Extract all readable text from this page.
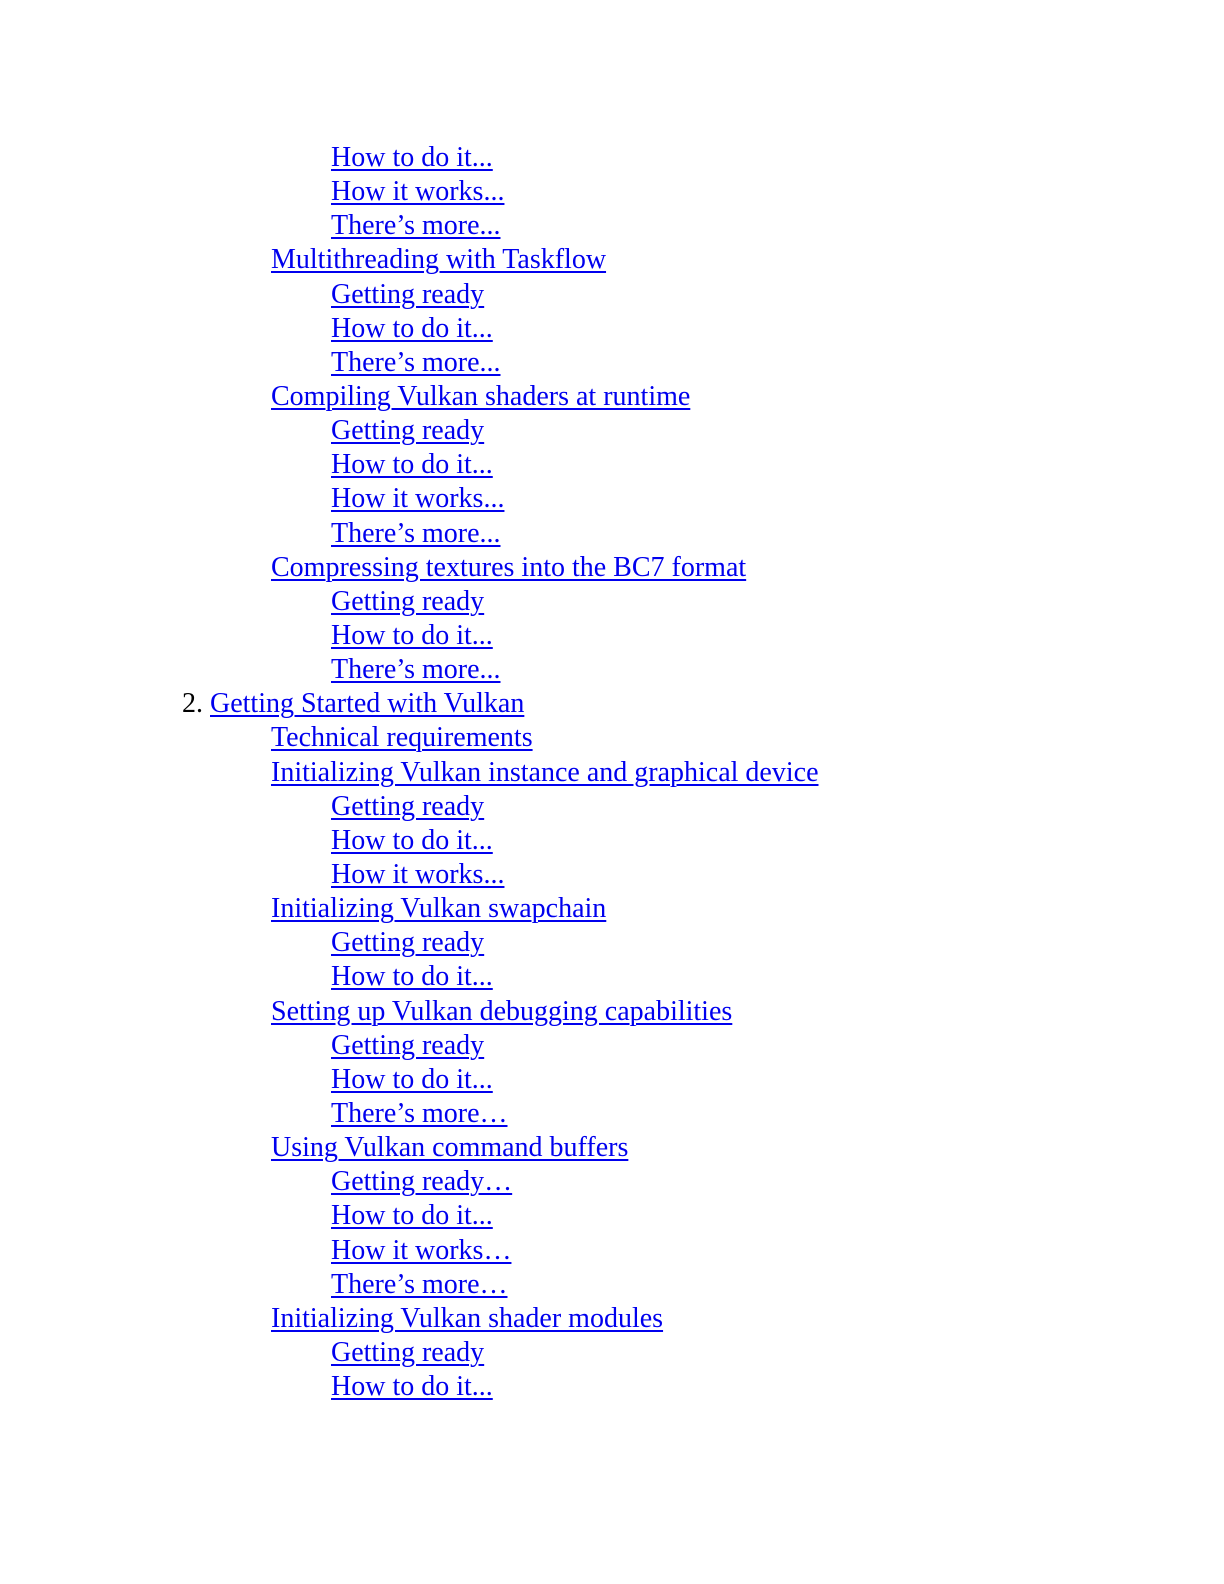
How to do it...
How it works...
There’s more...
Multithreading with Taskflow
Getting ready
How to do it...
There’s more...
Compiling Vulkan shaders at runtime
Getting ready
How to do it...
How it works...
There’s more...
Compressing textures into the BC7 format
Getting ready
How to do it...
There’s more...
2. Getting Started with Vulkan
Technical requirements
Initializing Vulkan instance and graphical device
Getting ready
How to do it...
How it works...
Initializing Vulkan swapchain
Getting ready
How to do it...
Setting up Vulkan debugging capabilities
Getting ready
How to do it...
There’s more…
Using Vulkan command buffers
Getting ready…
How to do it...
How it works…
There’s more…
Initializing Vulkan shader modules
Getting ready
How to do it...
